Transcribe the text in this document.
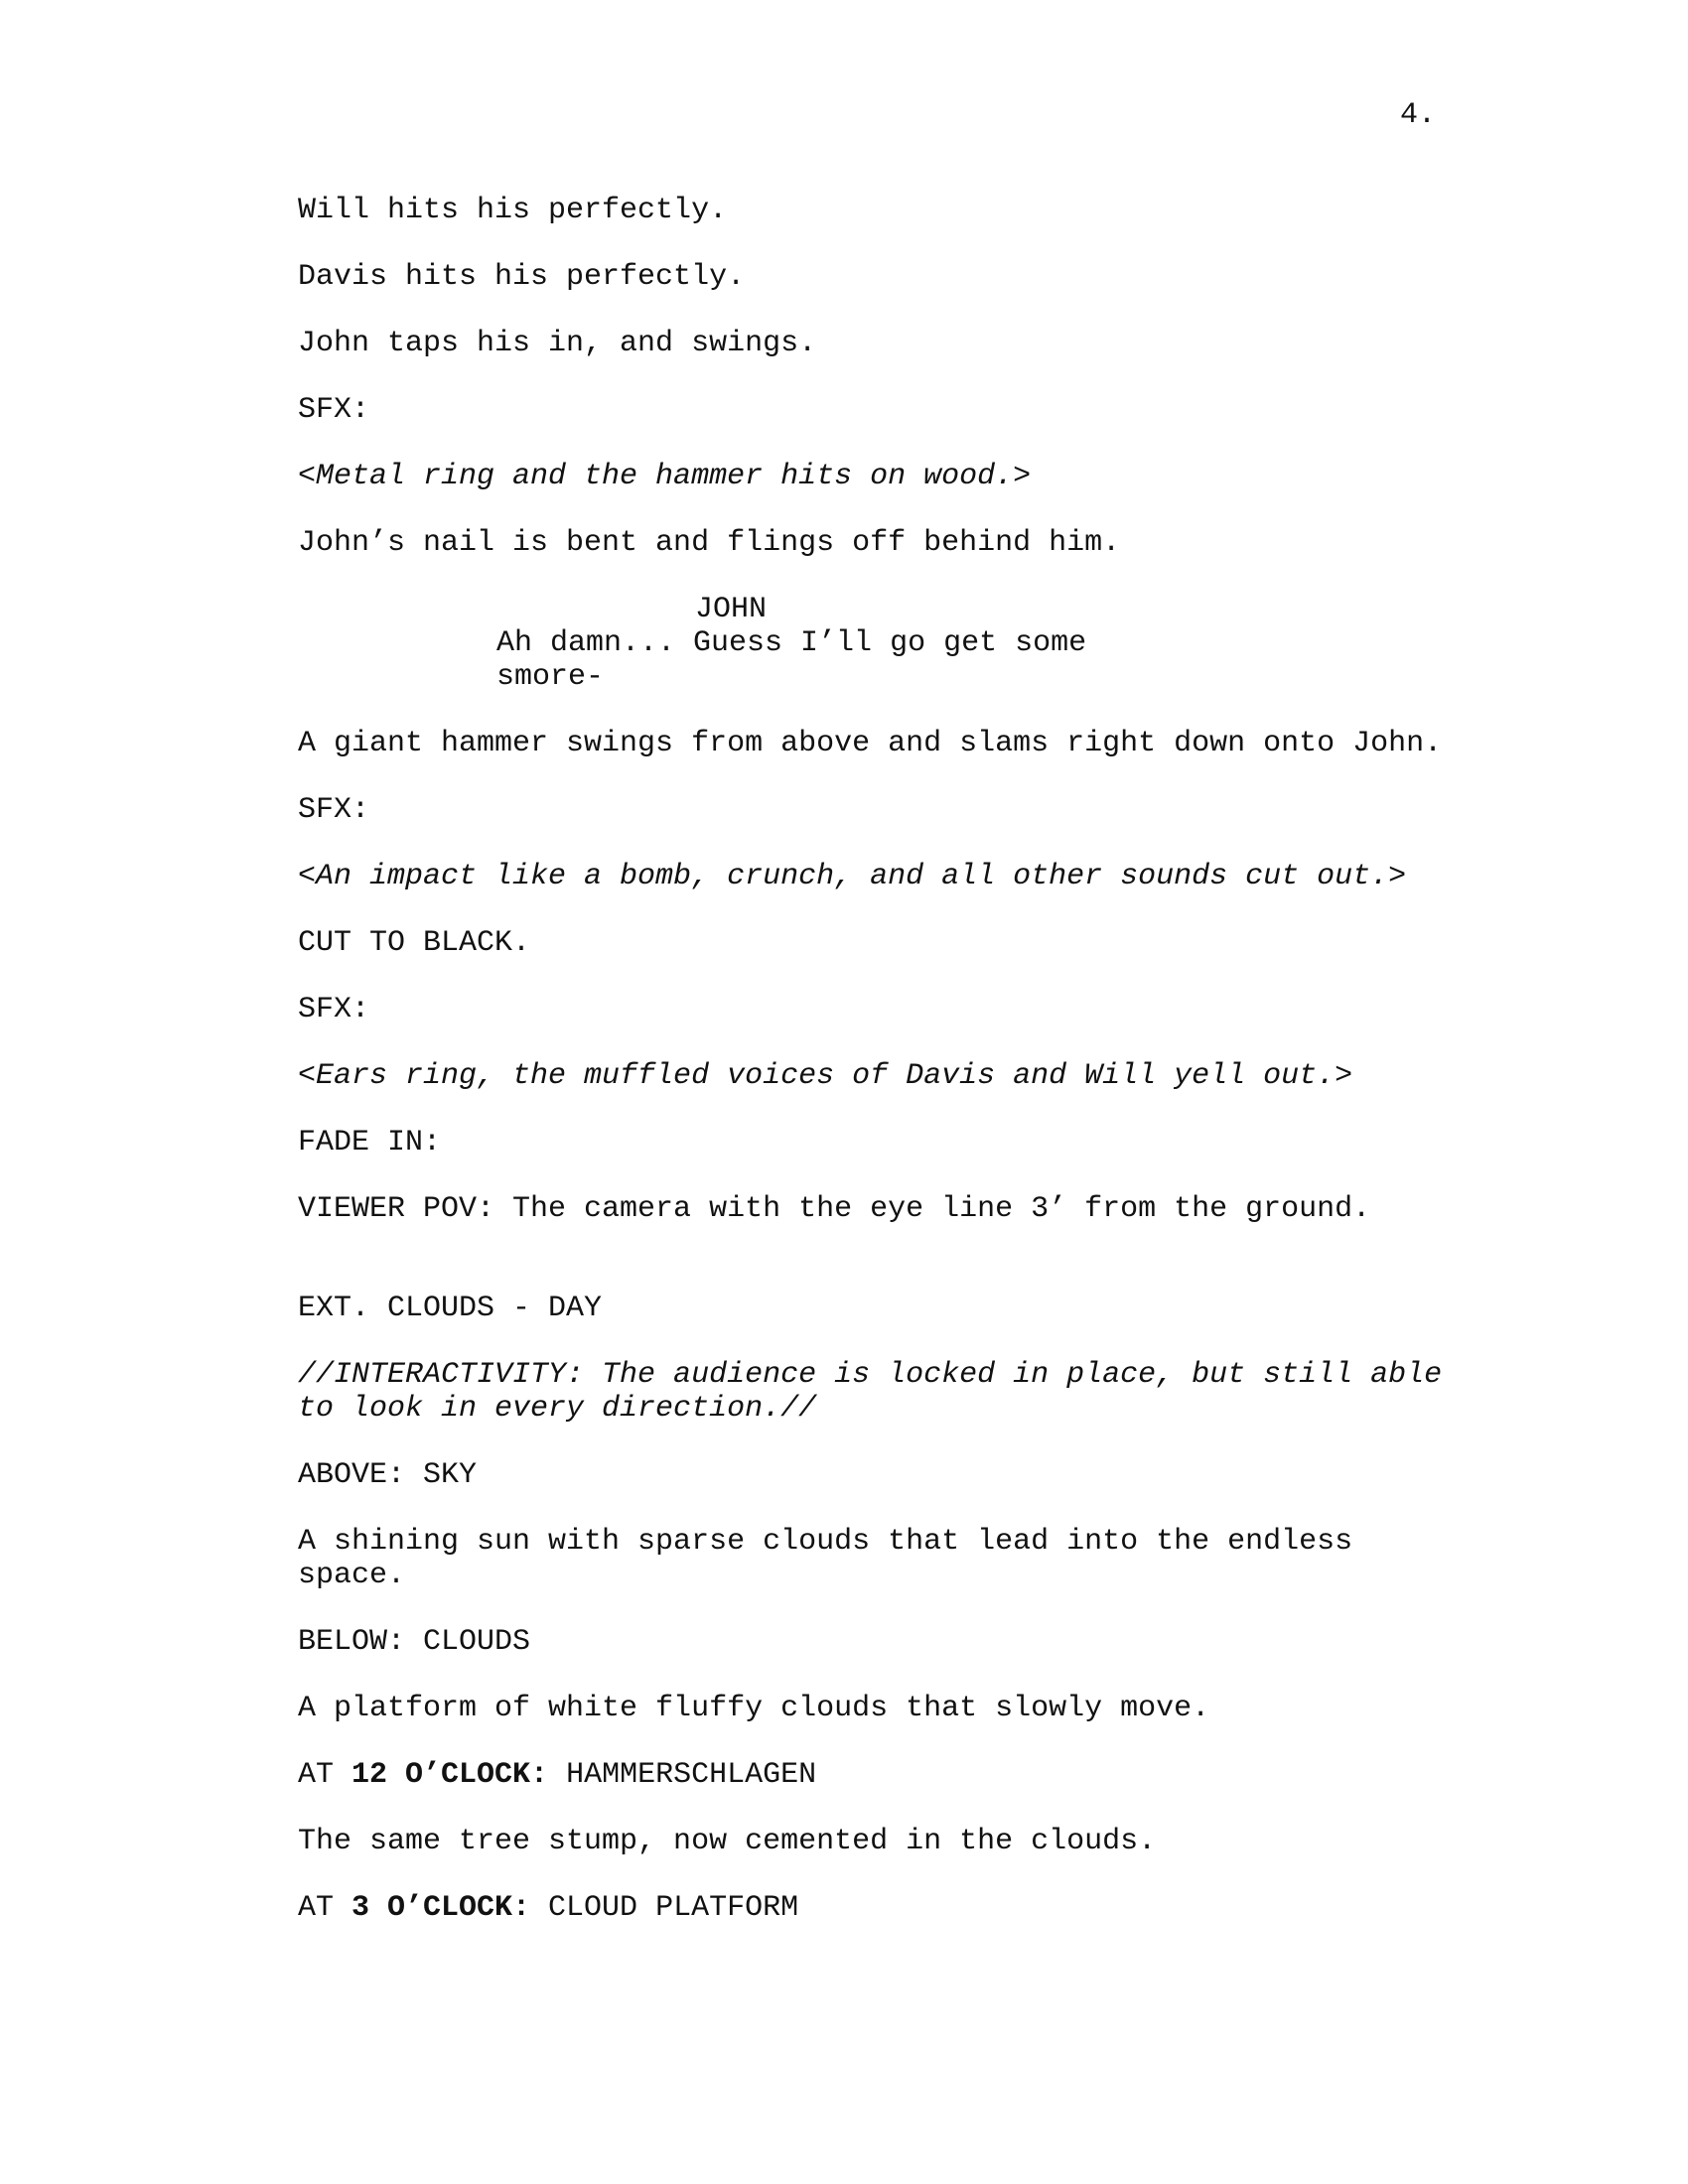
4.
Will hits his perfectly.
Davis hits his perfectly.
John taps his in, and swings.
SFX:
<Metal ring and the hammer hits on wood.>
John’s nail is bent and flings off behind him.
JOHN
Ah damn... Guess I’ll go get some smore-
A giant hammer swings from above and slams right down onto John.
SFX:
<An impact like a bomb, crunch, and all other sounds cut out.>
CUT TO BLACK.
SFX:
<Ears ring, the muffled voices of Davis and Will yell out.>
FADE IN:
VIEWER POV: The camera with the eye line 3’ from the ground.
EXT. CLOUDS - DAY
//INTERACTIVITY: The audience is locked in place, but still able to look in every direction.//
ABOVE: SKY
A shining sun with sparse clouds that lead into the endless space.
BELOW: CLOUDS
A platform of white fluffy clouds that slowly move.
AT 12 O’CLOCK: HAMMERSCHLAGEN
The same tree stump, now cemented in the clouds.
AT 3 O’CLOCK: CLOUD PLATFORM
